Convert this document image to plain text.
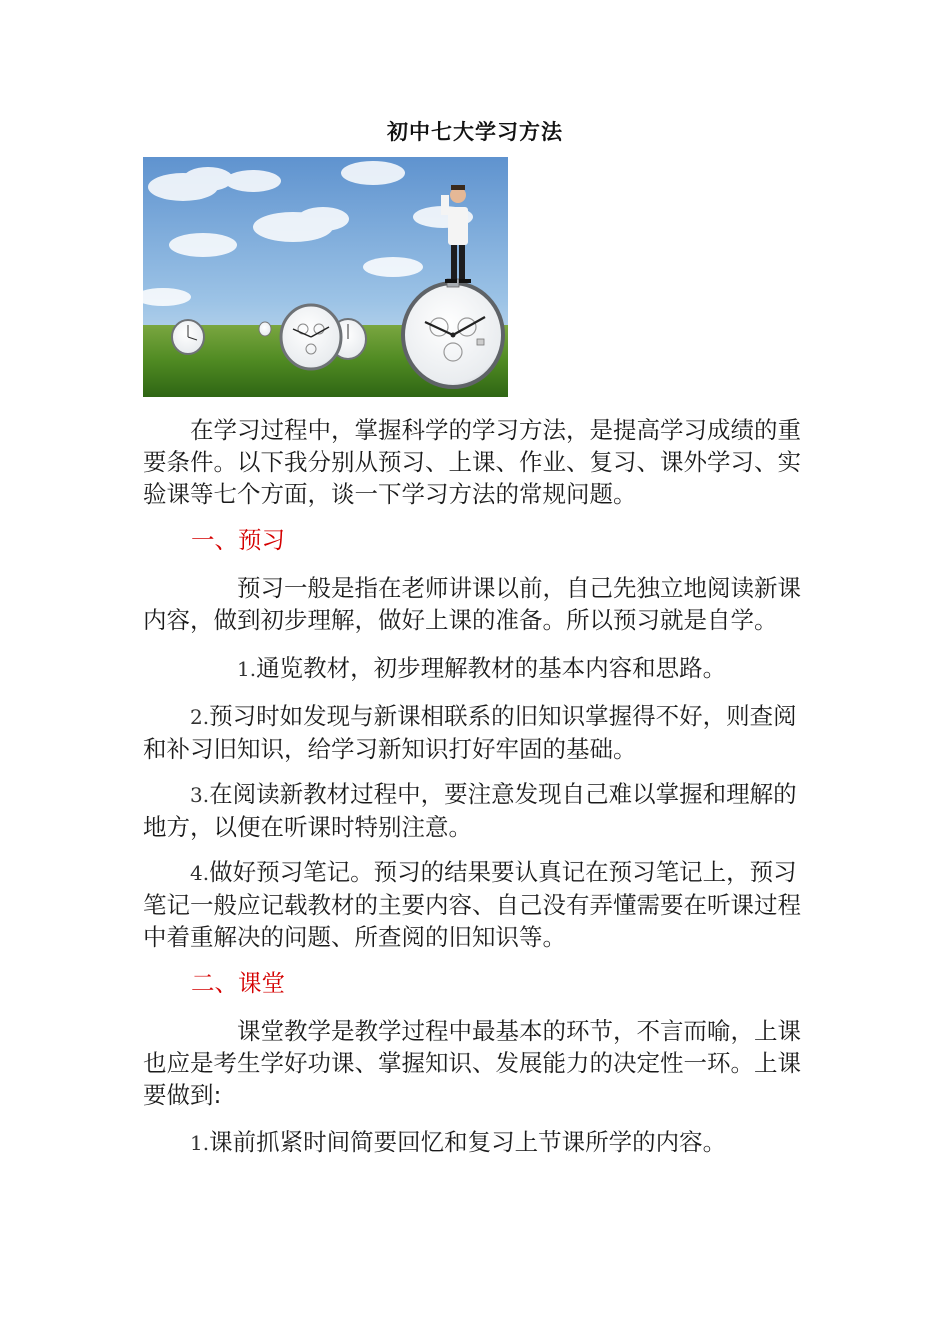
初中七大学习方法

在学习过程中，掌握科学的学习方法，是提高学习成绩的重要条件。以下我分别从预习、上课、作业、复习、课外学习、实验课等七个方面，谈一下学习方法的常规问题。

一、预习

预习一般是指在老师讲课以前，自己先独立地阅读新课内容，做到初步理解，做好上课的准备。所以预习就是自学。

1.通览教材，初步理解教材的基本内容和思路。

2.预习时如发现与新课相联系的旧知识掌握得不好，则查阅和补习旧知识，给学习新知识打好牢固的基础。

3.在阅读新教材过程中，要注意发现自己难以掌握和理解的地方，以便在听课时特别注意。

4.做好预习笔记。预习的结果要认真记在预习笔记上，预习笔记一般应记载教材的主要内容、自己没有弄懂需要在听课过程中着重解决的问题、所查阅的旧知识等。

二、课堂

课堂教学是教学过程中最基本的环节，不言而喻，上课也应是考生学好功课、掌握知识、发展能力的决定性一环。上课要做到:

1.课前抓紧时间简要回忆和复习上节课所学的内容。
